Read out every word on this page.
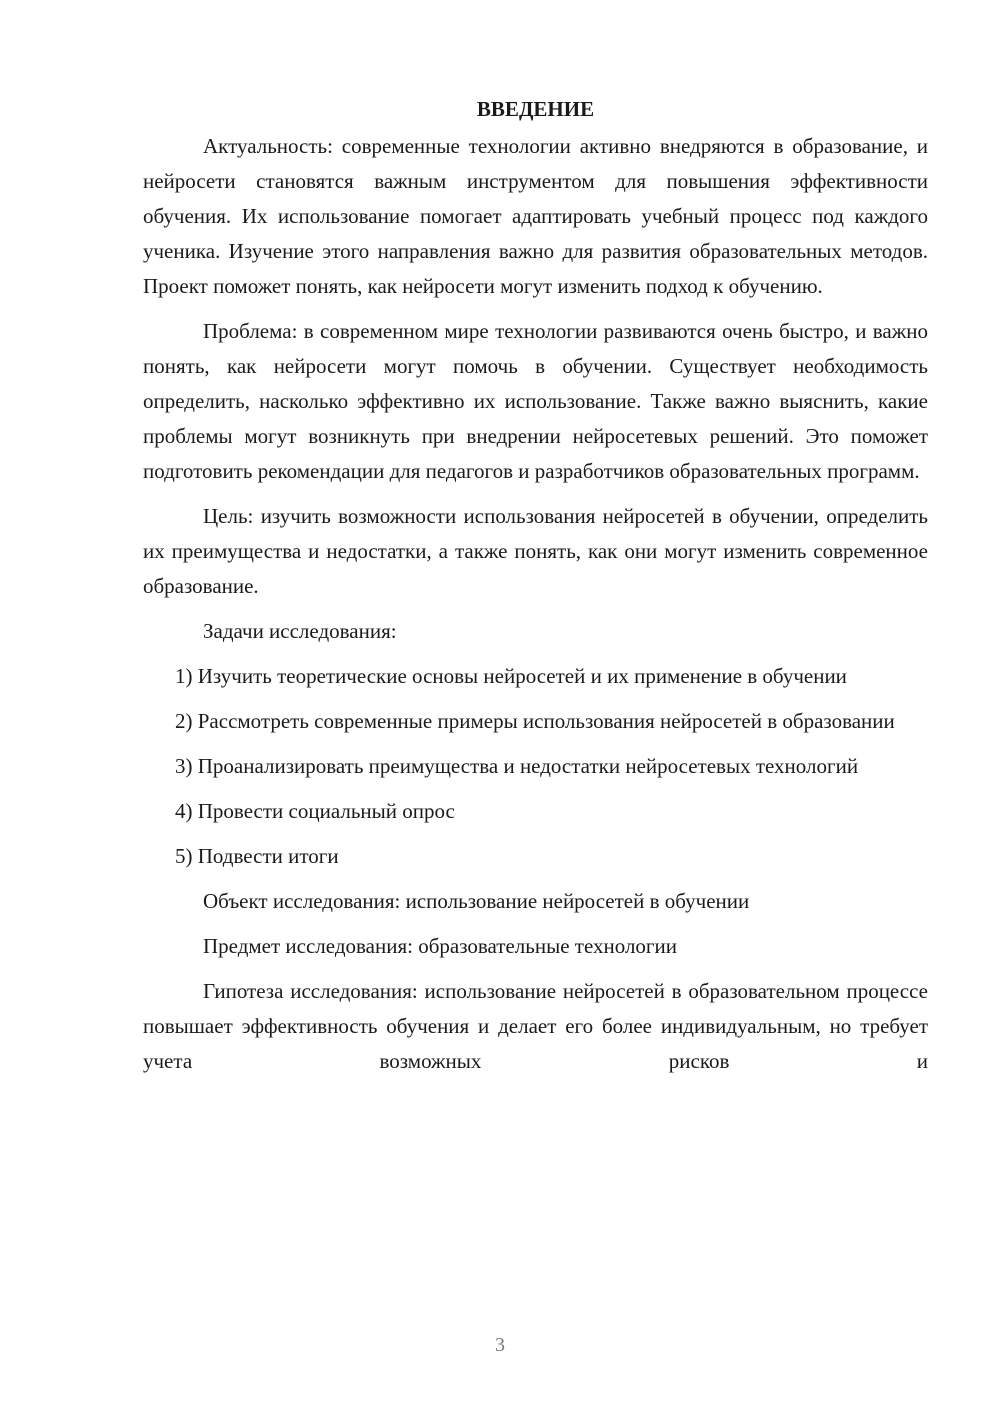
ВВЕДЕНИЕ

Актуальность: современные технологии активно внедряются в образование, и нейросети становятся важным инструментом для повышения эффективности обучения. Их использование помогает адаптировать учебный процесс под каждого ученика. Изучение этого направления важно для развития образовательных методов. Проект поможет понять, как нейросети могут изменить подход к обучению.

Проблема: в современном мире технологии развиваются очень быстро, и важно понять, как нейросети могут помочь в обучении. Существует необходимость определить, насколько эффективно их использование. Также важно выяснить, какие проблемы могут возникнуть при внедрении нейросетевых решений. Это поможет подготовить рекомендации для педагогов и разработчиков образовательных программ.

Цель: изучить возможности использования нейросетей в обучении, определить их преимущества и недостатки, а также понять, как они могут изменить современное образование.

Задачи исследования:

1) Изучить теоретические основы нейросетей и их применение в обучении

2) Рассмотреть современные примеры использования нейросетей в образовании

3) Проанализировать преимущества и недостатки нейросетевых технологий

4) Провести социальный опрос

5) Подвести итоги

Объект исследования: использование нейросетей в обучении

Предмет исследования: образовательные технологии

Гипотеза исследования: использование нейросетей в образовательном процессе повышает эффективность обучения и делает его более индивидуальным, но требует учета возможных рисков и

3
